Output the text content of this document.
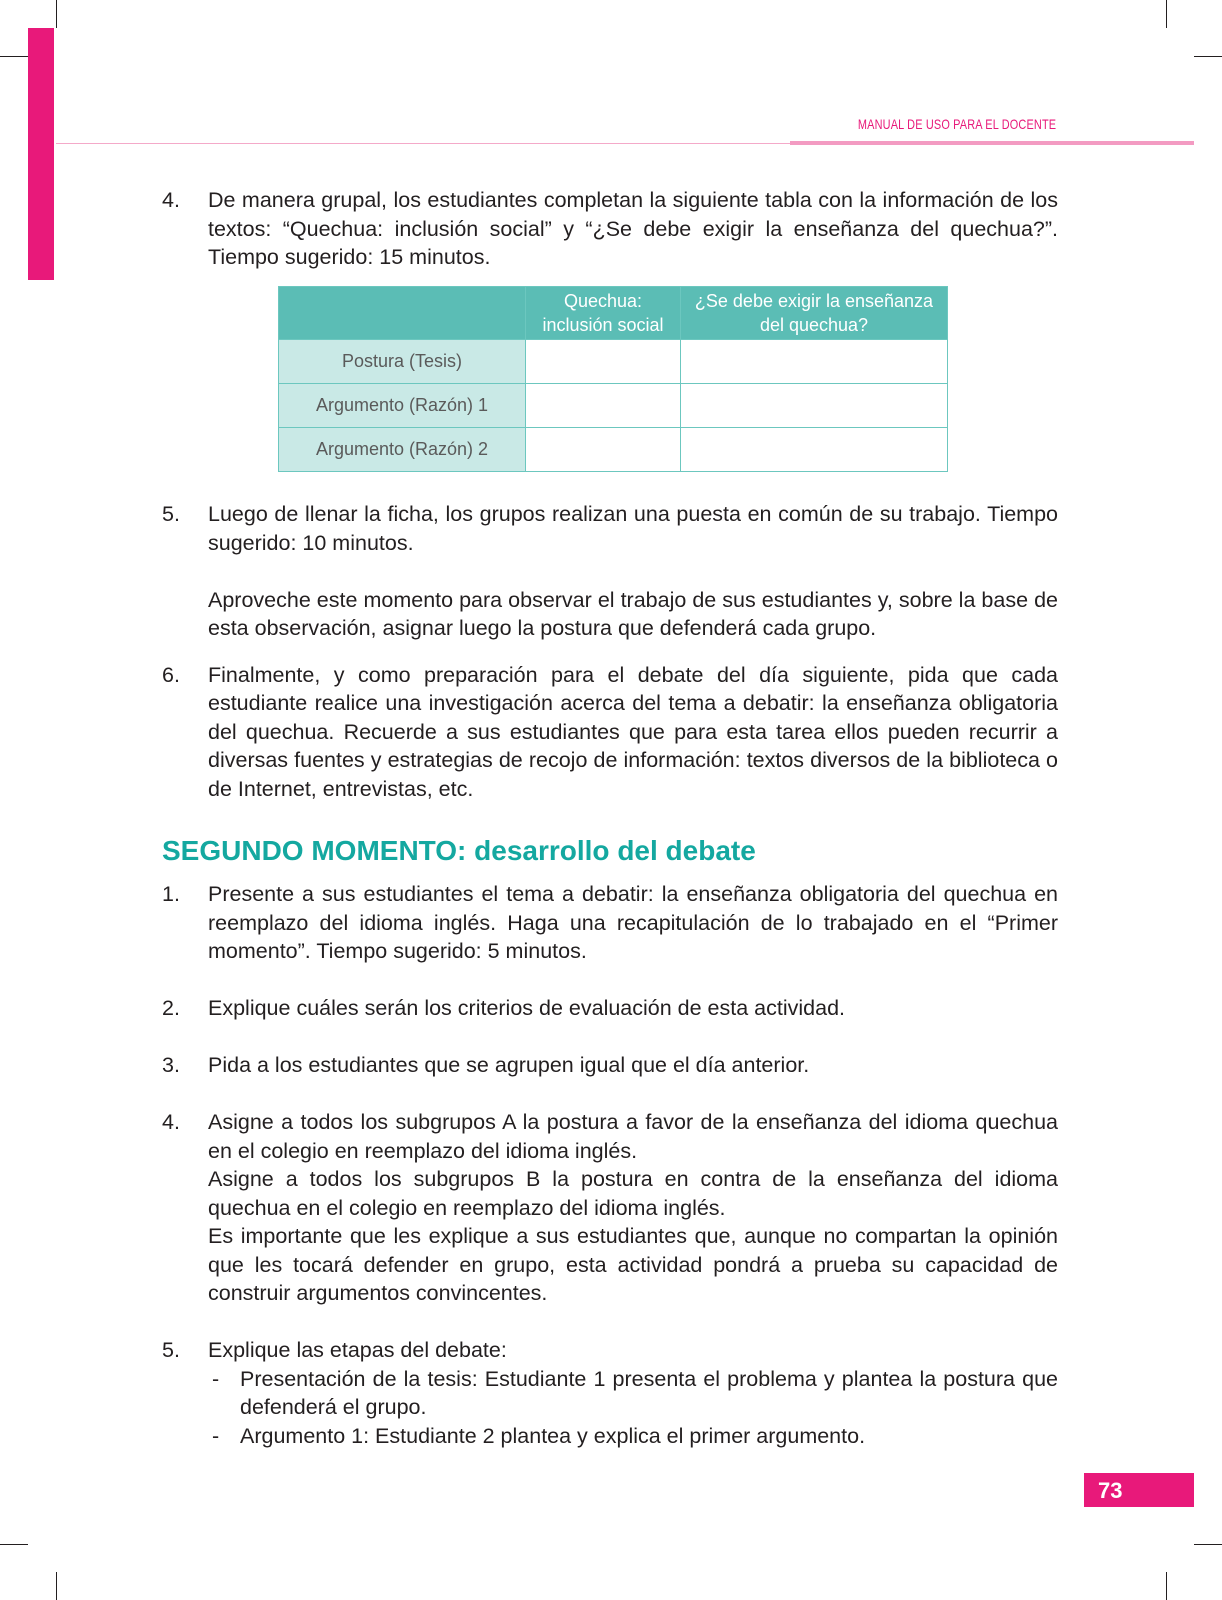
MANUAL DE USO PARA EL DOCENTE
4. De manera grupal, los estudiantes completan la siguiente tabla con la información de los textos: “Quechua: inclusión social” y “¿Se debe exigir la enseñanza del quechua?”. Tiempo sugerido: 15 minutos.

	Quechua: inclusión social	¿Se debe exigir la enseñanza del quechua?
Postura (Tesis)		
Argumento (Razón) 1		
Argumento (Razón) 2		
5. Luego de llenar la ficha, los grupos realizan una puesta en común de su trabajo. Tiempo sugerido: 10 minutos.

Aproveche este momento para observar el trabajo de sus estudiantes y, sobre la base de esta observación, asignar luego la postura que defenderá cada grupo.

6. Finalmente, y como preparación para el debate del día siguiente, pida que cada estudiante realice una investigación acerca del tema a debatir: la enseñanza obligatoria del quechua. Recuerde a sus estudiantes que para esta tarea ellos pueden recurrir a diversas fuentes y estrategias de recojo de información: textos diversos de la biblioteca o de Internet, entrevistas, etc.

SEGUNDO MOMENTO: desarrollo del debate
1. Presente a sus estudiantes el tema a debatir: la enseñanza obligatoria del quechua en reemplazo del idioma inglés. Haga una recapitulación de lo trabajado en el “Primer momento”. Tiempo sugerido: 5 minutos.

2. Explique cuáles serán los criterios de evaluación de esta actividad.

3. Pida a los estudiantes que se agrupen igual que el día anterior.

4. Asigne a todos los subgrupos A la postura a favor de la enseñanza del idioma quechua en el colegio en reemplazo del idioma inglés.

Asigne a todos los subgrupos B la postura en contra de la enseñanza del idioma quechua en el colegio en reemplazo del idioma inglés.

Es importante que les explique a sus estudiantes que, aunque no compartan la opinión que les tocará defender en grupo, esta actividad pondrá a prueba su capacidad de construir argumentos convincentes.

5. Explique las etapas del debate:

- Presentación de la tesis: Estudiante 1 presenta el problema y plantea la postura que defenderá el grupo.

- Argumento 1: Estudiante 2 plantea y explica el primer argumento.

73
